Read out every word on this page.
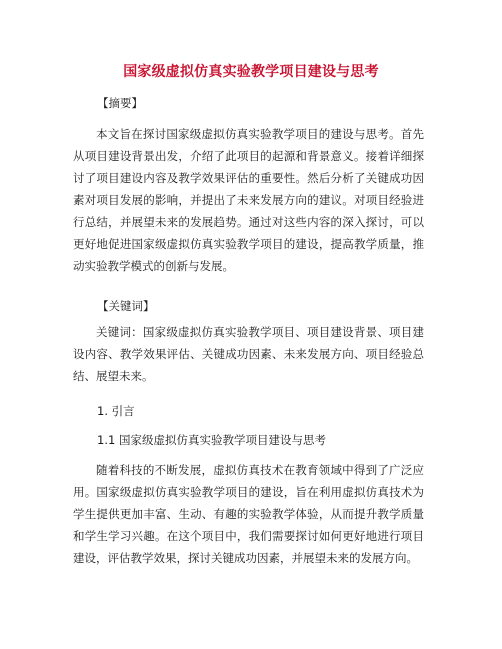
国家级虚拟仿真实验教学项目建设与思考
【摘要】
本文旨在探讨国家级虚拟仿真实验教学项目的建设与思考。首先从项目建设背景出发，介绍了此项目的起源和背景意义。接着详细探讨了项目建设内容及教学效果评估的重要性。然后分析了关键成功因素对项目发展的影响，并提出了未来发展方向的建议。对项目经验进行总结，并展望未来的发展趋势。通过对这些内容的深入探讨，可以更好地促进国家级虚拟仿真实验教学项目的建设，提高教学质量，推动实验教学模式的创新与发展。
【关键词】
关键词：国家级虚拟仿真实验教学项目、项目建设背景、项目建设内容、教学效果评估、关键成功因素、未来发展方向、项目经验总结、展望未来。
1. 引言
1.1 国家级虚拟仿真实验教学项目建设与思考
随着科技的不断发展，虚拟仿真技术在教育领域中得到了广泛应用。国家级虚拟仿真实验教学项目的建设，旨在利用虚拟仿真技术为学生提供更加丰富、生动、有趣的实验教学体验，从而提升教学质量和学生学习兴趣。在这个项目中，我们需要探讨如何更好地进行项目建设，评估教学效果，探讨关键成功因素，并展望未来的发展方向。
